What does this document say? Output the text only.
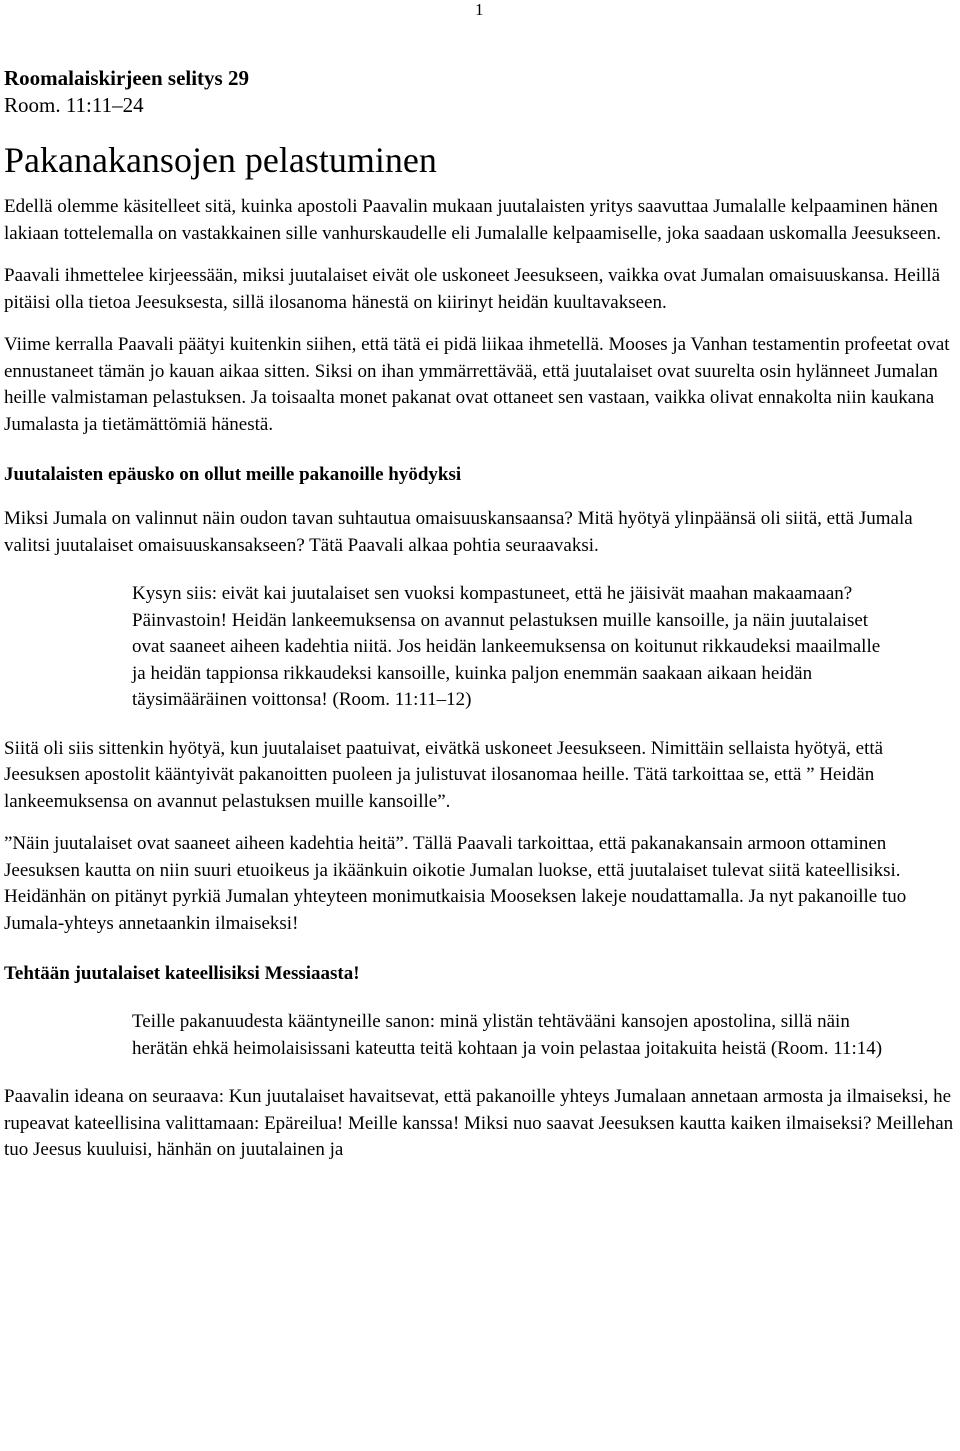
1

Roomalaiskirjeen selitys 29

Room. 11:11–24

Pakanakansojen pelastuminen

Edellä olemme käsitelleet sitä, kuinka apostoli Paavalin mukaan juutalaisten yritys saavuttaa Jumalalle kelpaaminen hänen lakiaan tottelemalla on vastakkainen sille vanhurskaudelle eli Jumalalle kelpaamiselle, joka saadaan uskomalla Jeesukseen.

Paavali ihmettelee kirjeessään, miksi juutalaiset eivät ole uskoneet Jeesukseen, vaikka ovat Jumalan omaisuuskansa. Heillä pitäisi olla tietoa Jeesuksesta, sillä ilosanoma hänestä on kiirinyt heidän kuultavakseen.

Viime kerralla Paavali päätyi kuitenkin siihen, että tätä ei pidä liikaa ihmetellä. Mooses ja Vanhan testamentin profeetat ovat ennustaneet tämän jo kauan aikaa sitten. Siksi on ihan ymmärrettävää, että juutalaiset ovat suurelta osin hylänneet Jumalan heille valmistaman pelastuksen. Ja toisaalta monet pakanat ovat ottaneet sen vastaan, vaikka olivat ennakolta niin kaukana Jumalasta ja tietämättömiä hänestä.

Juutalaisten epäusko on ollut meille pakanoille hyödyksi

Miksi Jumala on valinnut näin oudon tavan suhtautua omaisuuskansaansa? Mitä hyötyä ylinpäänsä oli siitä, että Jumala valitsi juutalaiset omaisuuskansakseen? Tätä Paavali alkaa pohtia seuraavaksi.

Kysyn siis: eivät kai juutalaiset sen vuoksi kompastuneet, että he jäisivät maahan makaamaan? Päinvastoin! Heidän lankeemuksensa on avannut pelastuksen muille kansoille, ja näin juutalaiset ovat saaneet aiheen kadehtia niitä. Jos heidän lankeemuksensa on koitunut rikkaudeksi maailmalle ja heidän tappionsa rikkaudeksi kansoille, kuinka paljon enemmän saakaan aikaan heidän täysimääräinen voittonsa! (Room. 11:11–12)

Siitä oli siis sittenkin hyötyä, kun juutalaiset paatuivat, eivätkä uskoneet Jeesukseen. Nimittäin sellaista hyötyä, että Jeesuksen apostolit kääntyivät pakanoitten puoleen ja julistuvat ilosanomaa heille. Tätä tarkoittaa se, että ” Heidän lankeemuksensa on avannut pelastuksen muille kansoille”.

”Näin juutalaiset ovat saaneet aiheen kadehtia heitä”. Tällä Paavali tarkoittaa, että pakanakansain armoon ottaminen Jeesuksen kautta on niin suuri etuoikeus ja ikäänkuin oikotie Jumalan luokse, että juutalaiset tulevat siitä kateellisiksi. Heidänhän on pitänyt pyrkiä Jumalan yhteyteen monimutkaisia Mooseksen lakeje noudattamalla. Ja nyt pakanoille tuo Jumala-yhteys annetaankin ilmaiseksi!

Tehtään juutalaiset kateellisiksi Messiaasta!

Teille pakanuudesta kääntyneille sanon: minä ylistän tehtävääni kansojen apostolina, sillä näin herätän ehkä heimolaisissani kateutta teitä kohtaan ja voin pelastaa joitakuita heistä (Room. 11:14)

Paavalin ideana on seuraava: Kun juutalaiset havaitsevat, että pakanoille yhteys Jumalaan annetaan armosta ja ilmaiseksi, he rupeavat kateellisina valittamaan: Epäreilua! Meille kanssa! Miksi nuo saavat Jeesuksen kautta kaiken ilmaiseksi? Meillehan tuo Jeesus kuuluisi, hänhän on juutalainen ja
